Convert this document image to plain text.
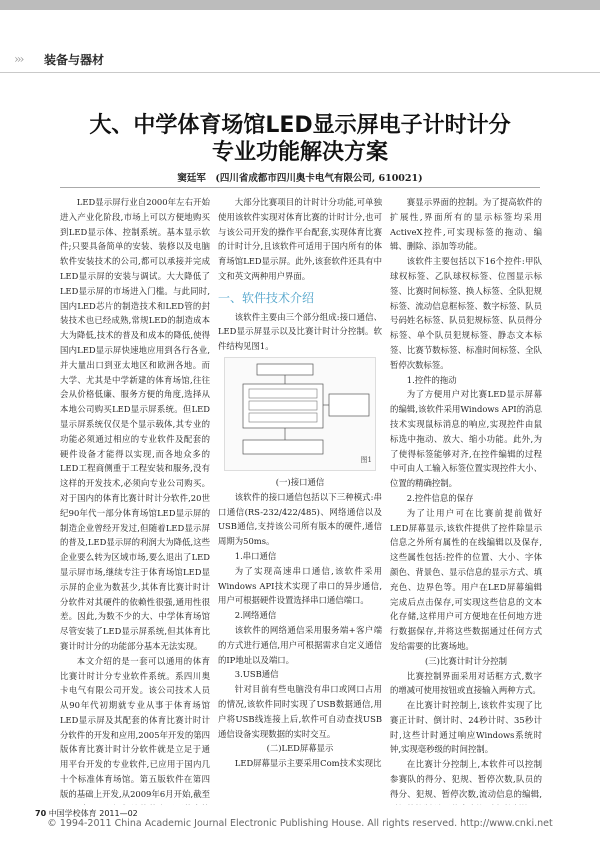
››› 装备与器材
大、中学体育场馆LED显示屏电子计时计分
专业功能解决方案
窦廷军　(四川省成都市四川奥卡电气有限公司, 610021)

LED显示屏行业自2000年左右开始进入产业化阶段,市场上可以方便地购买到LED显示体、控制系统。基本显示软件;只要具备简单的安装、装修以及电脑软件安装技术的公司,都可以承接并完成LED显示屏的安装与调试。大大降低了LED显示屏的市场进入门槛。与此同时,国内LED芯片的制造技术和LED管的封装技术也已经成熟,常规LED的制造成本大为降低,技术的普及和成本的降低,使得国内LED显示屏快速地应用到各行各业,并大量出口到亚太地区和欧洲各地。而大学、尤其是中学新建的体育场馆,往往会从价格低廉、服务方便的角度,选择从本地公司购买LED显示屏系统。但LED显示屏系统仅仅是个显示载体,其专业的功能必须通过相应的专业软件及配套的硬件设备才能得以实现,而各地众多的LED工程商侧重于工程安装和服务,没有这样的开发技术,必须向专业公司购买。对于国内的体育比赛计时计分软件,20世纪90年代一部分体育场馆LED显示屏的制造企业曾经开发过,但随着LED显示屏的普及,LED显示屏的利润大为降低,这些企业要么转为区域市场,要么退出了LED显示屏市场,继续专注于体育场馆LED显示屏的企业为数甚少,其体育比赛计时计分软件对其硬件的依赖性很强,通用性很差。因此,为数不少的大、中学体育场馆尽管安装了LED显示屏系统,但其体育比赛计时计分的功能部分基本无法实现。

本文介绍的是一套可以通用的体育比赛计时计分专业软件系统。系四川奥卡电气有限公司开发。该公司技术人员从90年代初期就专业从事于体育场馆LED显示屏及其配套的体育比赛计时计分软件的开发和应用,2005年开发的第四版体育比赛计时计分软件就是立足于通用平台开发的专业软件,已应用于国内几十个标准体育场馆。第五版软件在第四版的基础上开发,从2009年6月开始,截至

大部分比赛项目的计时计分功能,可单独使用该软件实现对体育比赛的计时计分,也可与该公司开发的操作平台配套,实现体育比赛的计时计分,且该软件可适用于国内所有的体育场馆LED显示屏。此外,该套软件还具有中文和英文两种用户界面。

一、软件技术介绍

该软件主要由三个部分组成:接口通信、LED显示屏显示以及比赛计时计分控制。软件结构见图1。

图1

(一)接口通信

该软件的接口通信包括以下三种模式:串口通信(RS-232/422/485)、网络通信以及USB通信,支持该公司所有版本的硬件,通信周期为50ms。

1.串口通信

为了实现高速串口通信,该软件采用Windows API技术实现了串口的异步通信,用户可根据硬件设置选择串口通信端口。

2.网络通信

该软件的网络通信采用服务端+客户端的方式进行通信,用户可根据需求自定义通信的IP地址以及端口。

3.USB通信

针对目前有些电脑没有串口或网口占用的情况,该软件同时实现了USB数据通信,用户将USB线连接上后,软件可自动查找USB通信设备实现数据的实时交互。

(二)LED屏幕显示

LED屏幕显示主要采用Com技术实现比

赛显示界面的控制。为了提高软件的扩展性,界面所有的显示标签均采用ActiveX控件,可实现标签的拖动、编辑、删除、添加等功能。

该软件主要包括以下16个控件:甲队球权标签、乙队球权标签、位图显示标签、比赛时间标签、换人标签、全队犯规标签、流动信息框标签、数字标签、队员号码姓名标签、队员犯规标签、队员得分标签、单个队员犯规标签、静态文本标签、比赛节数标签、标准时间标签、全队暂停次数标签。

1.控件的拖动

为了方便用户对比赛LED显示屏幕的编辑,该软件采用Windows API的消息技术实现鼠标消息的响应,实现控件由鼠标选中拖动、放大、缩小功能。此外,为了使得标签能够对齐,在控件编辑的过程中可由人工输入标签位置实现控件大小、位置的精确控制。

2.控件信息的保存

为了让用户可在比赛前提前做好LED屏幕显示,该软件提供了控件除显示信息之外所有属性的在线编辑以及保存,这些属性包括:控件的位置、大小、字体颜色、背景色、显示信息的显示方式、填充色、边界色等。用户在LED屏幕编辑完成后点击保存,可实现这些信息的文本化存储,这样用户可方便地在任何地方进行数据保存,并将这些数据通过任何方式发给需要的比赛场地。

(三)比赛计时计分控制

比赛控制界面采用对话框方式,数字的增减可使用按钮或直接输入两种方式。

在比赛计时控制上,该软件实现了比赛正计时、倒计时、24秒计时、35秒计时,这些计时通过响应Windows系统时钟,实现毫秒级的时间控制。

在比赛计分控制上,本软件可以控制参赛队的得分、犯规、暂停次数,队员的得分、犯规、暂停次数,流动信息的编辑,

70 中国学校体育 2011—02
© 1994-2011 China Academic Journal Electronic Publishing House. All rights reserved. http://www.cnki.net
